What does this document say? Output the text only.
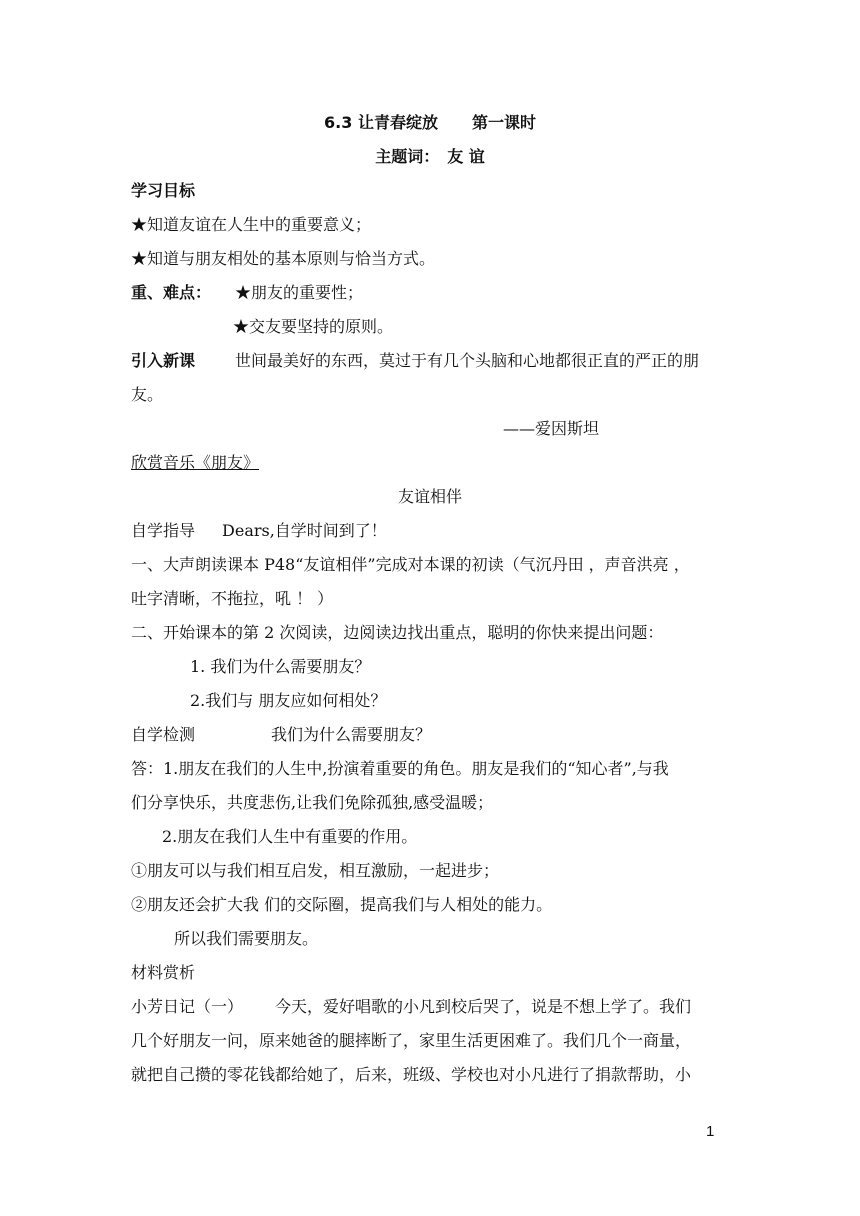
6.3 让青春绽放 第一课时
主题词： 友 谊
学习目标
★知道友谊在人生中的重要意义；
★知道与朋友相处的基本原则与恰当方式。
重、难点： ★朋友的重要性；
★交友要坚持的原则。
引入新课	世间最美好的东西，莫过于有几个头脑和心地都很正直的严正的朋
友。
——爱因斯坦
欣赏音乐《朋友》
友谊相伴
自学指导 Dears,自学时间到了！
一、大声朗读课本 P48“友谊相伴”完成对本课的初读（气沉丹田 ，声音洪亮 ，
吐字清晰，不拖拉，吼 ！ ）
二、开始课本的第 2 次阅读，边阅读边找出重点，聪明的你快来提出问题：
1. 我们为什么需要朋友？
2.我们与 朋友应如何相处？
自学检测	我们为什么需要朋友？
答：1.朋友在我们的人生中,扮演着重要的角色。朋友是我们的“知心者”,与我
们分享快乐，共度悲伤,让我们免除孤独,感受温暖；
2.朋友在我们人生中有重要的作用。
①朋友可以与我们相互启发，相互激励，一起进步；
②朋友还会扩大我 们的交际圈，提高我们与人相处的能力。
所以我们需要朋友。
材料赏析
小芳日记（一） 今天，爱好唱歌的小凡到校后哭了，说是不想上学了。我们
几个好朋友一问，原来她爸的腿摔断了，家里生活更困难了。我们几个一商量，
就把自己攒的零花钱都给她了，后来，班级、学校也对小凡进行了捐款帮助，小
1
